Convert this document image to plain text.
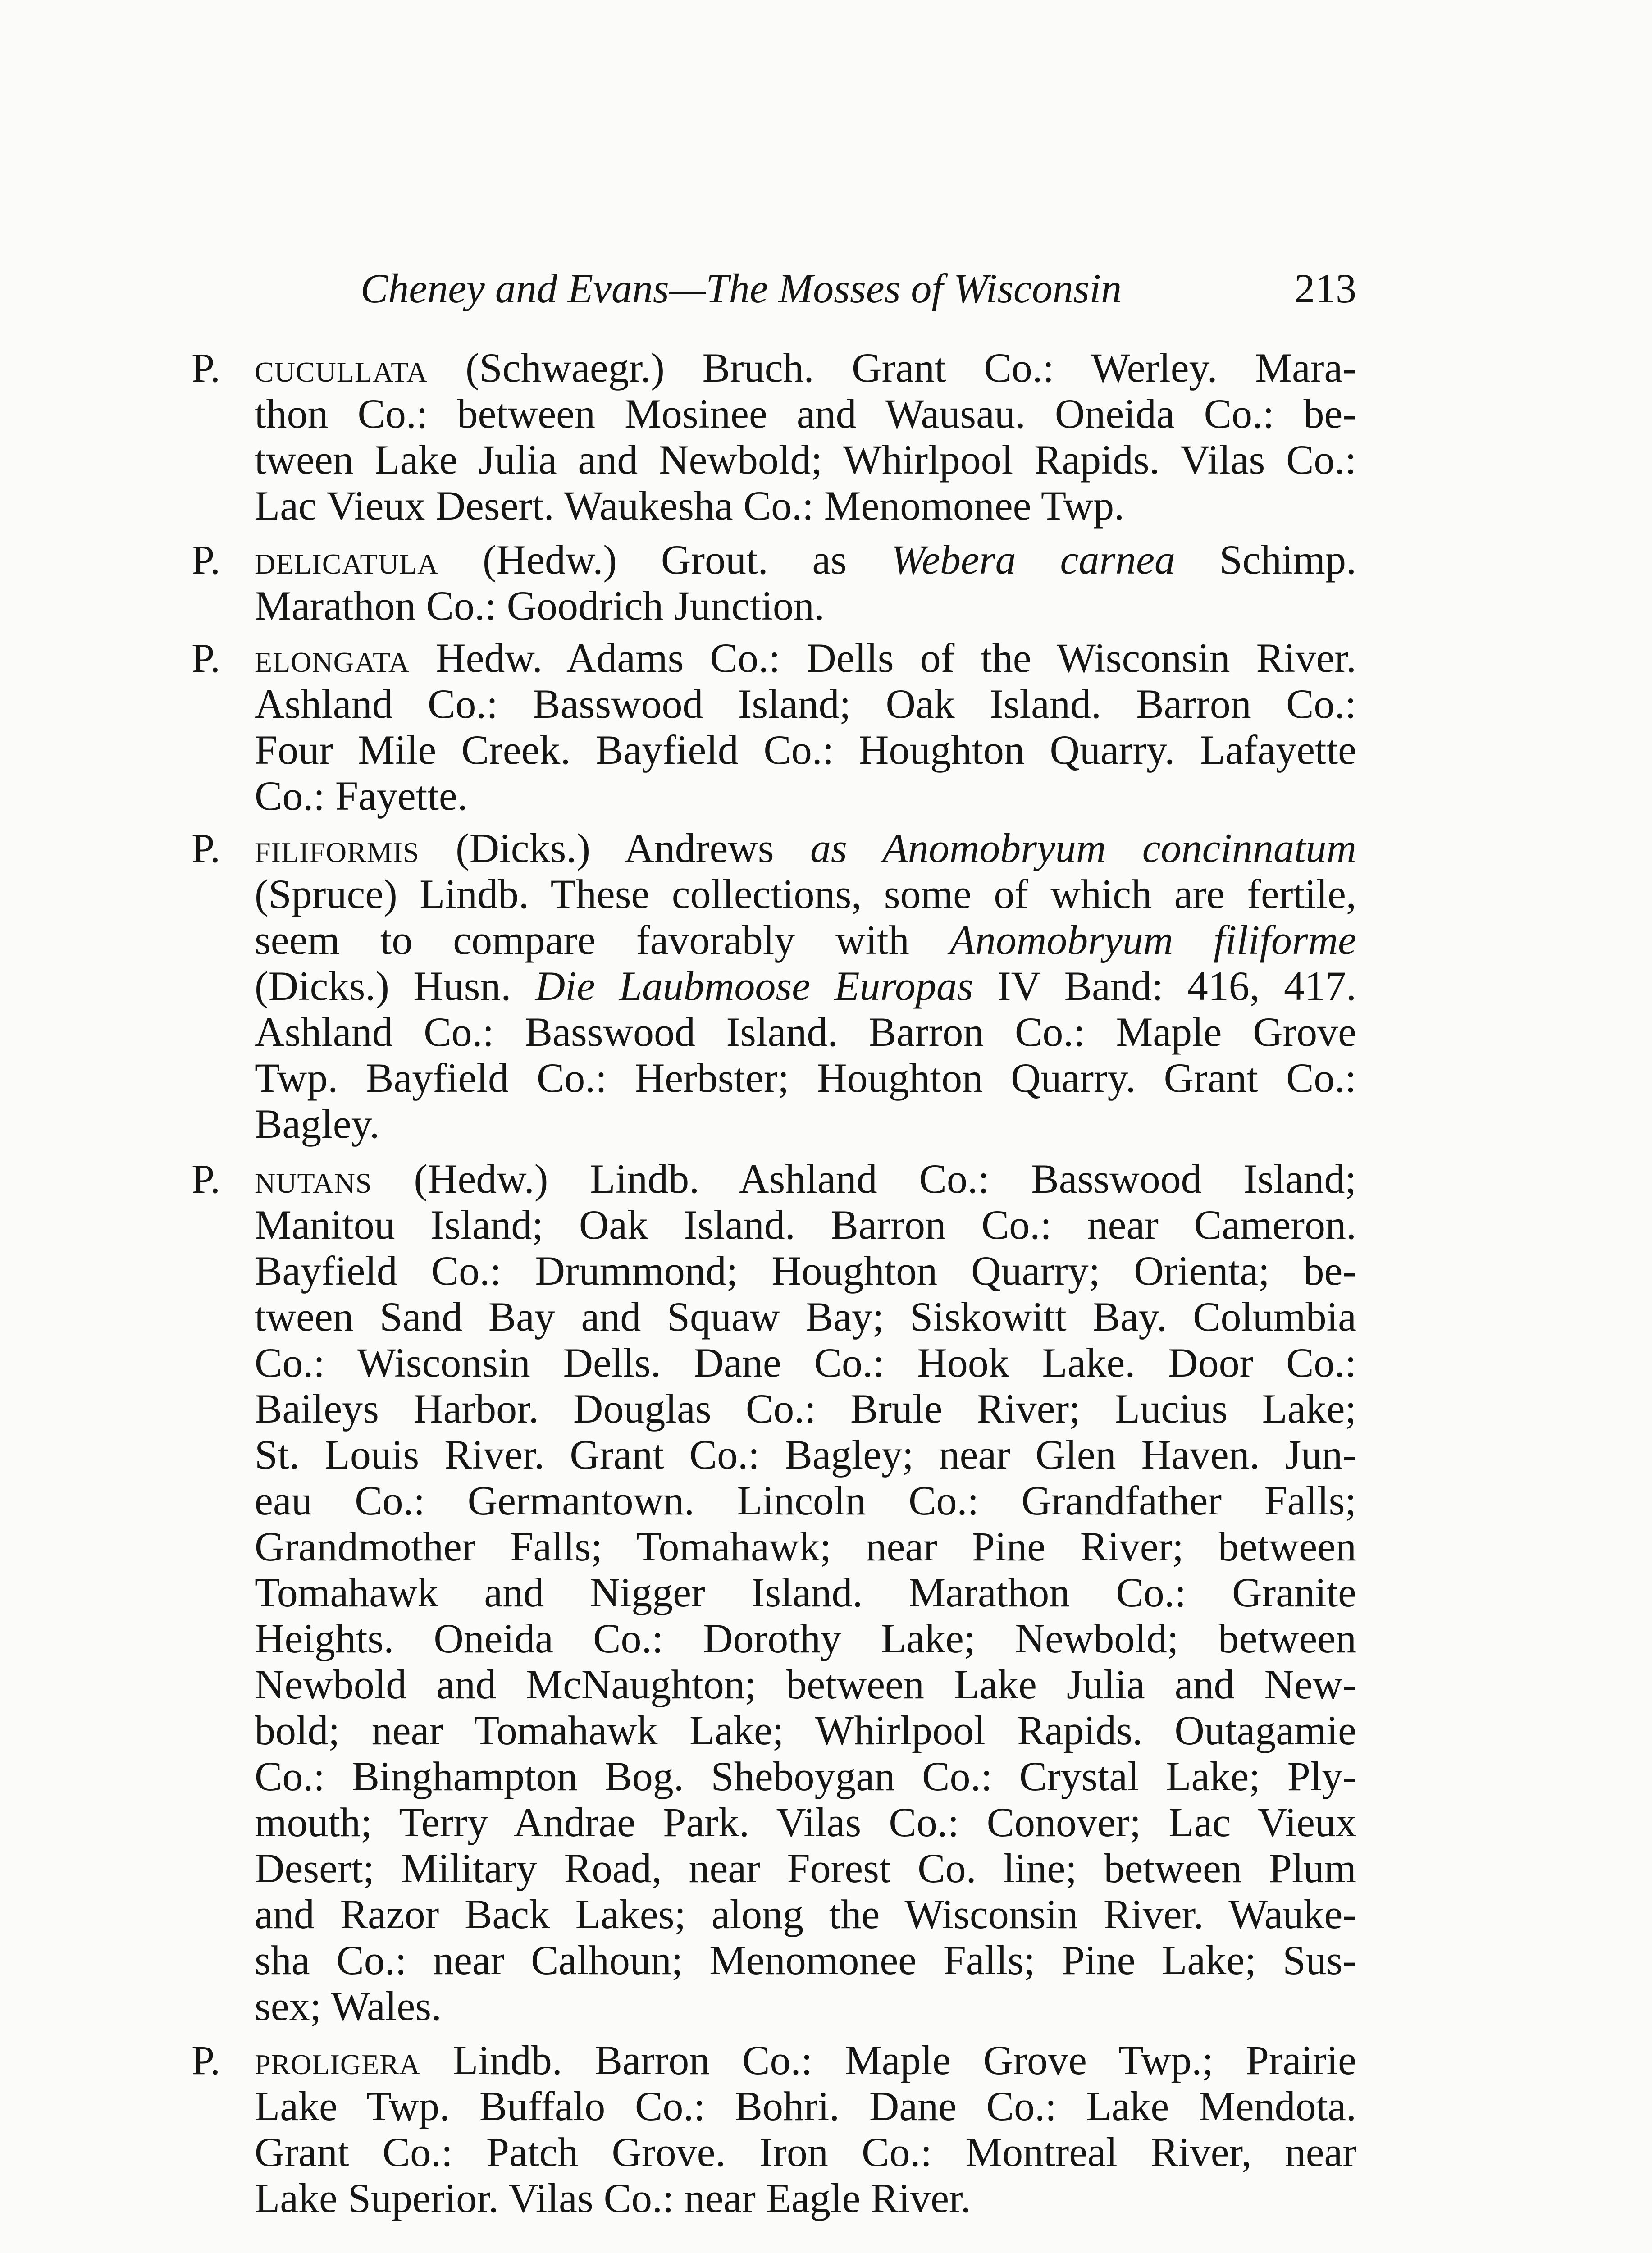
Cheney and Evans—The Mosses of Wisconsin	213
P. cucullata (Schwaegr.) Bruch. Grant Co.: Werley. Mara-
thon Co.: between Mosinee and Wausau. Oneida Co.: be-
tween Lake Julia and Newbold; Whirlpool Rapids. Vilas Co.:
Lac Vieux Desert. Waukesha Co.: Menomonee Twp.
P. delicatula (Hedw.) Grout. as Webera carnea Schimp.
Marathon Co.: Goodrich Junction.
P. elongata Hedw. Adams Co.: Dells of the Wisconsin River.
Ashland Co.: Basswood Island; Oak Island. Barron Co.:
Four Mile Creek. Bayfield Co.: Houghton Quarry. Lafayette
Co.: Fayette.
P. filiformis (Dicks.) Andrews as Anomobryum concinnatum
(Spruce) Lindb. These collections, some of which are fertile,
seem to compare favorably with Anomobryum filiforme
(Dicks.) Husn. Die Laubmoose Europas IV Band: 416, 417.
Ashland Co.: Basswood Island. Barron Co.: Maple Grove
Twp. Bayfield Co.: Herbster; Houghton Quarry. Grant Co.:
Bagley.
P. nutans (Hedw.) Lindb. Ashland Co.: Basswood Island;
Manitou Island; Oak Island. Barron Co.: near Cameron.
Bayfield Co.: Drummond; Houghton Quarry; Orienta; be-
tween Sand Bay and Squaw Bay; Siskowitt Bay. Columbia
Co.: Wisconsin Dells. Dane Co.: Hook Lake. Door Co.:
Baileys Harbor. Douglas Co.: Brule River; Lucius Lake;
St. Louis River. Grant Co.: Bagley; near Glen Haven. Jun-
eau Co.: Germantown. Lincoln Co.: Grandfather Falls;
Grandmother Falls; Tomahawk; near Pine River; between
Tomahawk and Nigger Island. Marathon Co.: Granite
Heights. Oneida Co.: Dorothy Lake; Newbold; between
Newbold and McNaughton; between Lake Julia and New-
bold; near Tomahawk Lake; Whirlpool Rapids. Outagamie
Co.: Binghampton Bog. Sheboygan Co.: Crystal Lake; Ply-
mouth; Terry Andrae Park. Vilas Co.: Conover; Lac Vieux
Desert; Military Road, near Forest Co. line; between Plum
and Razor Back Lakes; along the Wisconsin River. Wauke-
sha Co.: near Calhoun; Menomonee Falls; Pine Lake; Sus-
sex; Wales.
P. proligera Lindb. Barron Co.: Maple Grove Twp.; Prairie
Lake Twp. Buffalo Co.: Bohri. Dane Co.: Lake Mendota.
Grant Co.: Patch Grove. Iron Co.: Montreal River, near
Lake Superior. Vilas Co.: near Eagle River.
